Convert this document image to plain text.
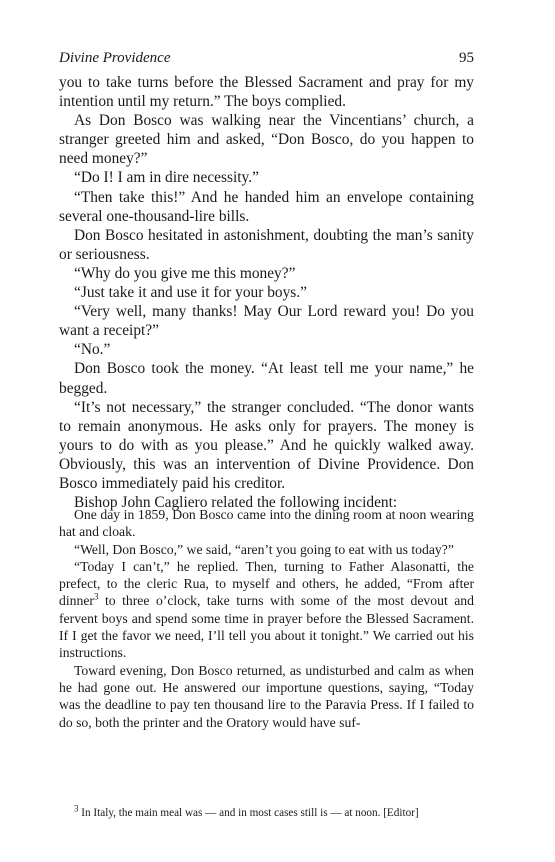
Divine Providence	95

you to take turns before the Blessed Sacrament and pray for my intention until my return.” The boys complied.

As Don Bosco was walking near the Vincentians’ church, a stranger greeted him and asked, “Don Bosco, do you happen to need money?”

“Do I! I am in dire necessity.”

“Then take this!” And he handed him an envelope containing several one-thousand-lire bills.

Don Bosco hesitated in astonishment, doubting the man’s sanity or seriousness.

“Why do you give me this money?”

“Just take it and use it for your boys.”

“Very well, many thanks! May Our Lord reward you! Do you want a receipt?”

“No.”

Don Bosco took the money. “At least tell me your name,” he begged.

“It’s not necessary,” the stranger concluded. “The donor wants to remain anonymous. He asks only for prayers. The money is yours to do with as you please.” And he quickly walked away. Obviously, this was an intervention of Divine Providence. Don Bosco immediately paid his creditor.

Bishop John Cagliero related the following incident:

One day in 1859, Don Bosco came into the dining room at noon wearing hat and cloak.

“Well, Don Bosco,” we said, “aren’t you going to eat with us today?”

“Today I can’t,” he replied. Then, turning to Father Alasonatti, the prefect, to the cleric Rua, to myself and others, he added, “From after dinner$^3$ to three o’clock, take turns with some of the most devout and fervent boys and spend some time in prayer before the Blessed Sacrament. If I get the favor we need, I’ll tell you about it tonight.” We carried out his instructions.

Toward evening, Don Bosco returned, as undisturbed and calm as when he had gone out. He answered our importune questions, saying, “Today was the deadline to pay ten thousand lire to the Paravia Press. If I failed to do so, both the printer and the Oratory would have suf-

$^3$ In Italy, the main meal was — and in most cases still is — at noon. [Editor]
